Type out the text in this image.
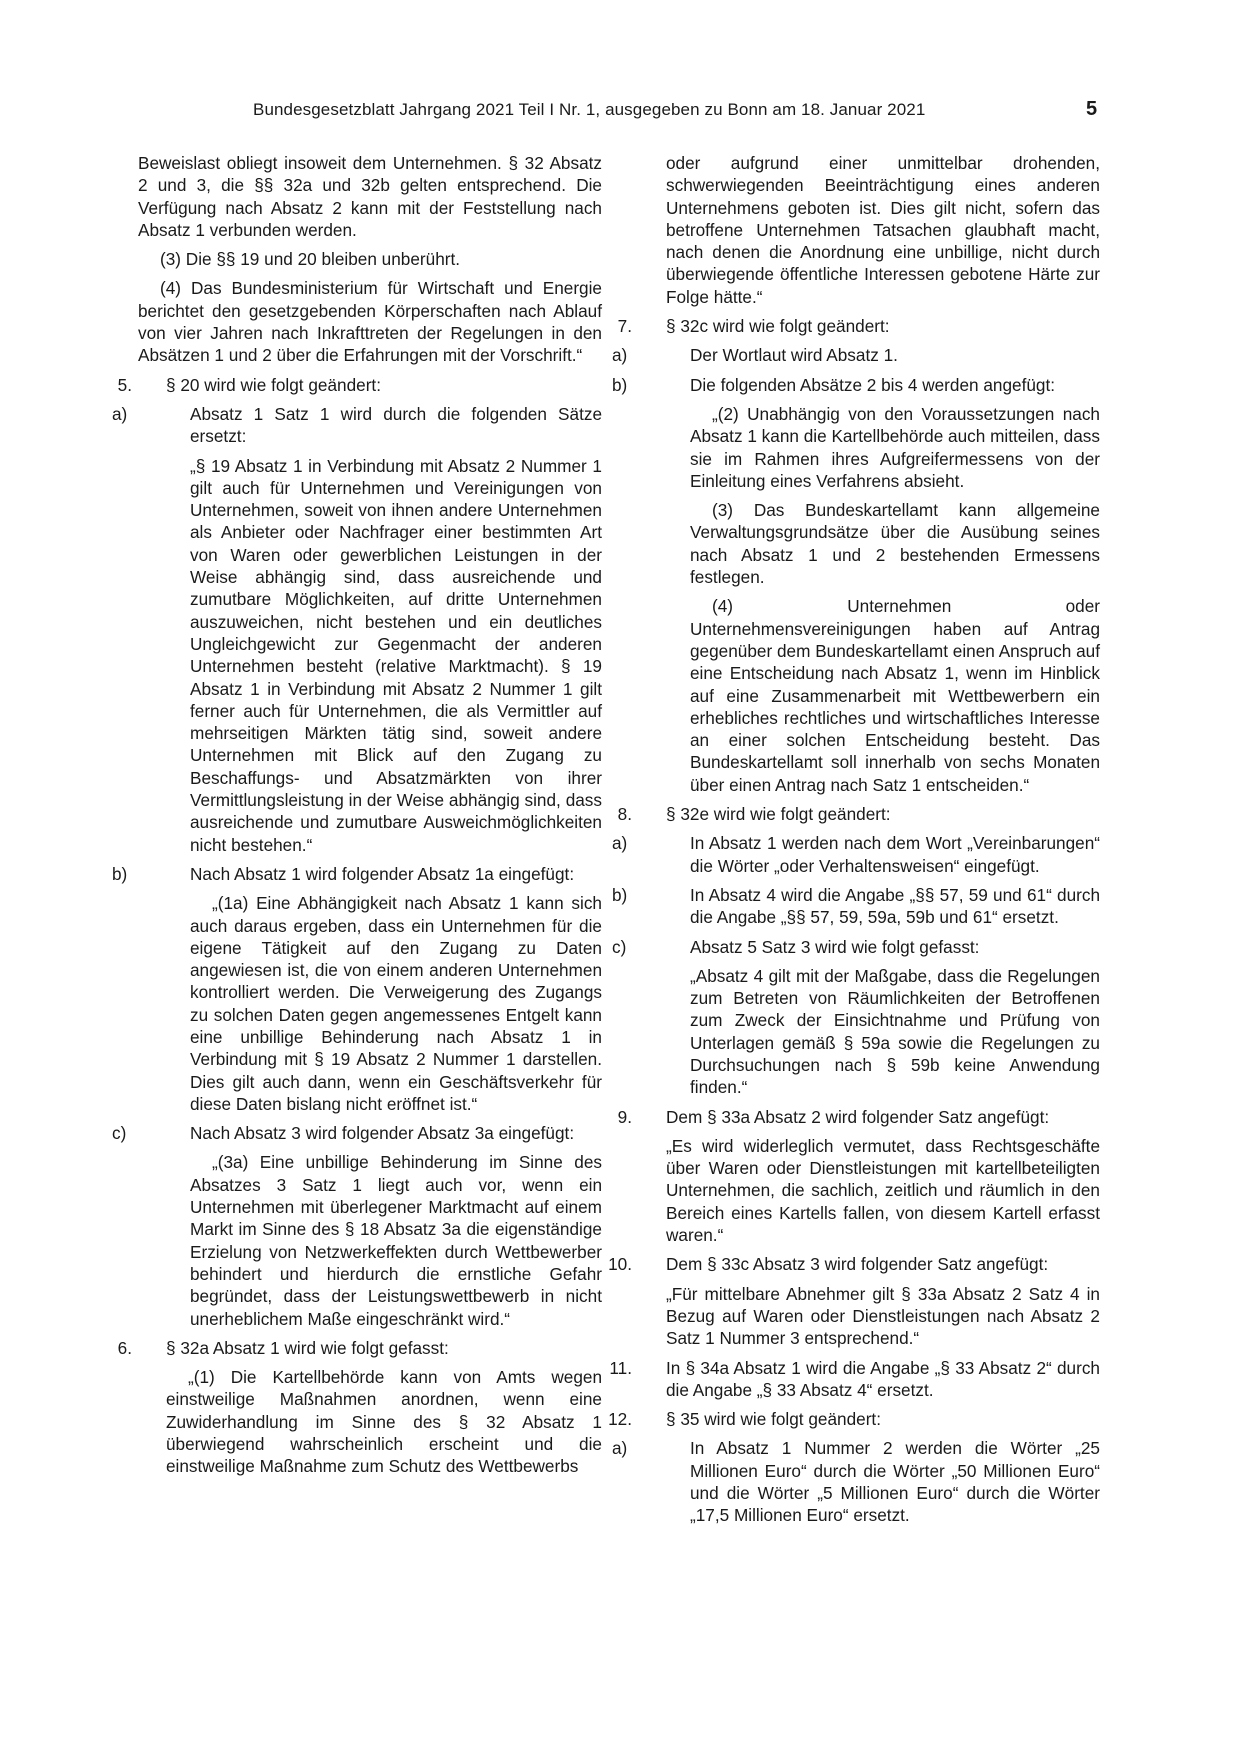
Bundesgesetzblatt Jahrgang 2021 Teil I Nr. 1, ausgegeben zu Bonn am 18. Januar 2021	5
Beweislast obliegt insoweit dem Unternehmen. § 32 Absatz 2 und 3, die §§ 32a und 32b gelten entsprechend. Die Verfügung nach Absatz 2 kann mit der Feststellung nach Absatz 1 verbunden werden.
(3) Die §§ 19 und 20 bleiben unberührt.
(4) Das Bundesministerium für Wirtschaft und Energie berichtet den gesetzgebenden Körperschaften nach Ablauf von vier Jahren nach Inkrafttreten der Regelungen in den Absätzen 1 und 2 über die Erfahrungen mit der Vorschrift.“
5. § 20 wird wie folgt geändert:
a)	Absatz 1 Satz 1 wird durch die folgenden Sätze ersetzt:
„§ 19 Absatz 1 in Verbindung mit Absatz 2 Nummer 1 gilt auch für Unternehmen und Vereinigungen von Unternehmen, soweit von ihnen andere Unternehmen als Anbieter oder Nachfrager einer bestimmten Art von Waren oder gewerblichen Leistungen in der Weise abhängig sind, dass ausreichende und zumutbare Möglichkeiten, auf dritte Unternehmen auszuweichen, nicht bestehen und ein deutliches Ungleichgewicht zur Gegenmacht der anderen Unternehmen besteht (relative Marktmacht). § 19 Absatz 1 in Verbindung mit Absatz 2 Nummer 1 gilt ferner auch für Unternehmen, die als Vermittler auf mehrseitigen Märkten tätig sind, soweit andere Unternehmen mit Blick auf den Zugang zu Beschaffungs- und Absatzmärkten von ihrer Vermittlungsleistung in der Weise abhängig sind, dass ausreichende und zumutbare Ausweichmöglichkeiten nicht bestehen.“
b)	Nach Absatz 1 wird folgender Absatz 1a eingefügt:
„(1a) Eine Abhängigkeit nach Absatz 1 kann sich auch daraus ergeben, dass ein Unternehmen für die eigene Tätigkeit auf den Zugang zu Daten angewiesen ist, die von einem anderen Unternehmen kontrolliert werden. Die Verweigerung des Zugangs zu solchen Daten gegen angemessenes Entgelt kann eine unbillige Behinderung nach Absatz 1 in Verbindung mit § 19 Absatz 2 Nummer 1 darstellen. Dies gilt auch dann, wenn ein Geschäftsverkehr für diese Daten bislang nicht eröffnet ist.“
c)	Nach Absatz 3 wird folgender Absatz 3a eingefügt:
„(3a) Eine unbillige Behinderung im Sinne des Absatzes 3 Satz 1 liegt auch vor, wenn ein Unternehmen mit überlegener Marktmacht auf einem Markt im Sinne des § 18 Absatz 3a die eigenständige Erzielung von Netzwerkeffekten durch Wettbewerber behindert und hierdurch die ernstliche Gefahr begründet, dass der Leistungswettbewerb in nicht unerheblichem Maße eingeschränkt wird.“
6. § 32a Absatz 1 wird wie folgt gefasst:
„(1) Die Kartellbehörde kann von Amts wegen einstweilige Maßnahmen anordnen, wenn eine Zuwiderhandlung im Sinne des § 32 Absatz 1 überwiegend wahrscheinlich erscheint und die einstweilige Maßnahme zum Schutz des Wettbewerbs
oder aufgrund einer unmittelbar drohenden, schwerwiegenden Beeinträchtigung eines anderen Unternehmens geboten ist. Dies gilt nicht, sofern das betroffene Unternehmen Tatsachen glaubhaft macht, nach denen die Anordnung eine unbillige, nicht durch überwiegende öffentliche Interessen gebotene Härte zur Folge hätte.“
7. § 32c wird wie folgt geändert:
a)	Der Wortlaut wird Absatz 1.
b)	Die folgenden Absätze 2 bis 4 werden angefügt:
„(2) Unabhängig von den Voraussetzungen nach Absatz 1 kann die Kartellbehörde auch mitteilen, dass sie im Rahmen ihres Aufgreifermessens von der Einleitung eines Verfahrens absieht.
(3) Das Bundeskartellamt kann allgemeine Verwaltungsgrundsätze über die Ausübung seines nach Absatz 1 und 2 bestehenden Ermessens festlegen.
(4) Unternehmen oder Unternehmensvereinigungen haben auf Antrag gegenüber dem Bundeskartellamt einen Anspruch auf eine Entscheidung nach Absatz 1, wenn im Hinblick auf eine Zusammenarbeit mit Wettbewerbern ein erhebliches rechtliches und wirtschaftliches Interesse an einer solchen Entscheidung besteht. Das Bundeskartellamt soll innerhalb von sechs Monaten über einen Antrag nach Satz 1 entscheiden.“
8. § 32e wird wie folgt geändert:
a)	In Absatz 1 werden nach dem Wort „Vereinbarungen“ die Wörter „oder Verhaltensweisen“ eingefügt.
b)	In Absatz 4 wird die Angabe „§§ 57, 59 und 61“ durch die Angabe „§§ 57, 59, 59a, 59b und 61“ ersetzt.
c)	Absatz 5 Satz 3 wird wie folgt gefasst:
„Absatz 4 gilt mit der Maßgabe, dass die Regelungen zum Betreten von Räumlichkeiten der Betroffenen zum Zweck der Einsichtnahme und Prüfung von Unterlagen gemäß § 59a sowie die Regelungen zu Durchsuchungen nach § 59b keine Anwendung finden.“
9. Dem § 33a Absatz 2 wird folgender Satz angefügt:
„Es wird widerleglich vermutet, dass Rechtsgeschäfte über Waren oder Dienstleistungen mit kartellbeteiligten Unternehmen, die sachlich, zeitlich und räumlich in den Bereich eines Kartells fallen, von diesem Kartell erfasst waren.“
10. Dem § 33c Absatz 3 wird folgender Satz angefügt:
„Für mittelbare Abnehmer gilt § 33a Absatz 2 Satz 4 in Bezug auf Waren oder Dienstleistungen nach Absatz 2 Satz 1 Nummer 3 entsprechend.“
11. In § 34a Absatz 1 wird die Angabe „§ 33 Absatz 2“ durch die Angabe „§ 33 Absatz 4“ ersetzt.
12. § 35 wird wie folgt geändert:
a)	In Absatz 1 Nummer 2 werden die Wörter „25 Millionen Euro“ durch die Wörter „50 Millionen Euro“ und die Wörter „5 Millionen Euro“ durch die Wörter „17,5 Millionen Euro“ ersetzt.
